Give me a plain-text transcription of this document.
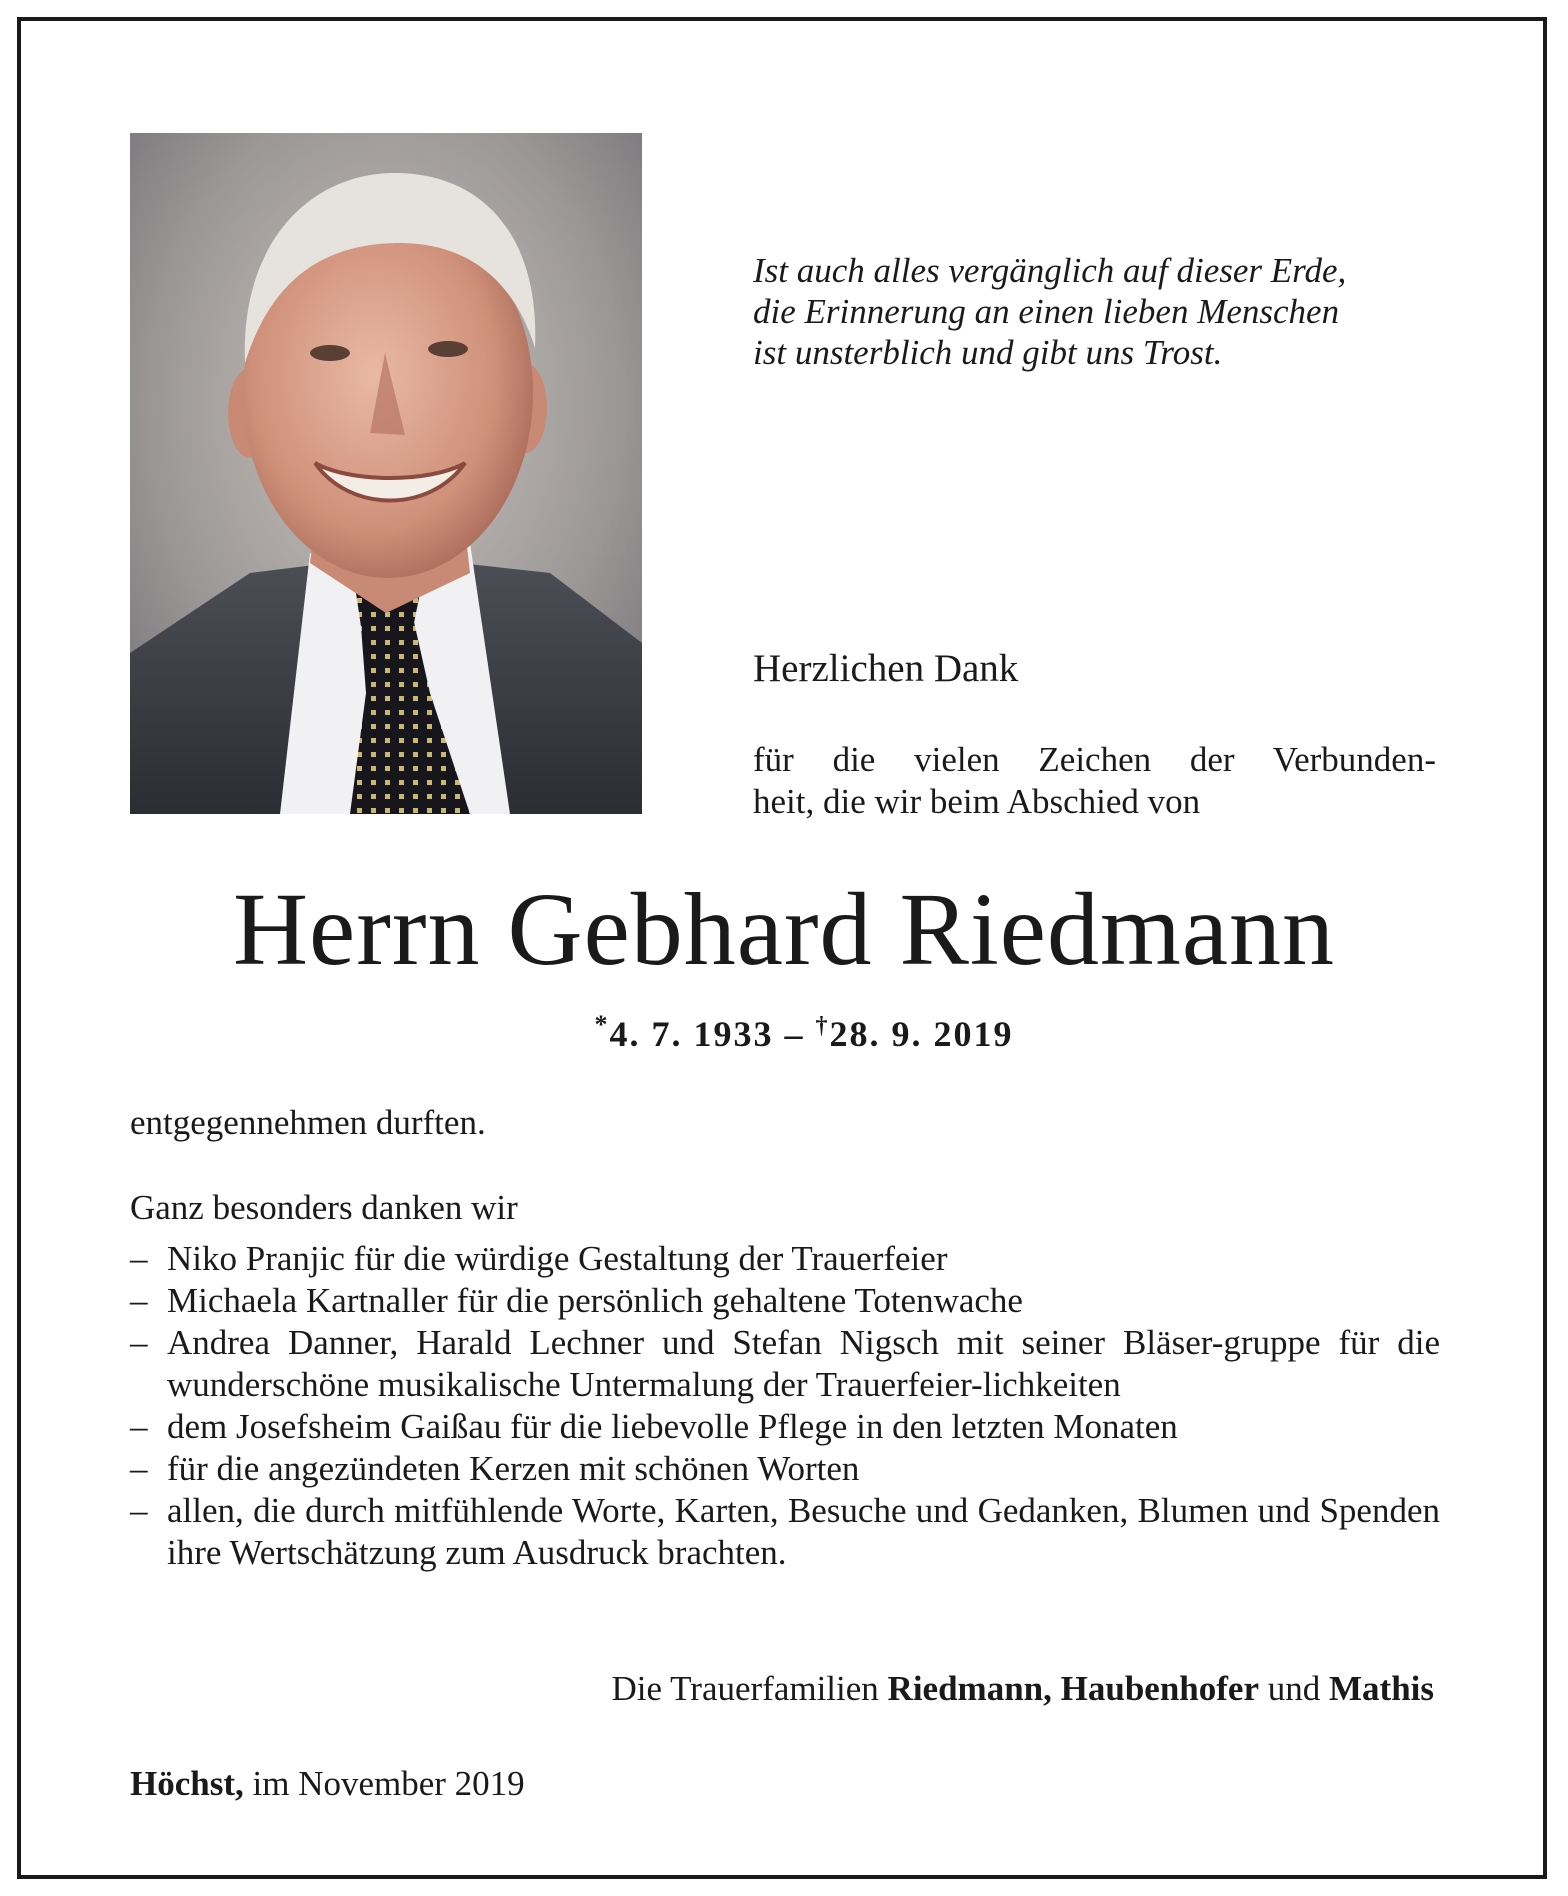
Ist auch alles vergänglich auf dieser Erde,
die Erinnerung an einen lieben Menschen
ist unsterblich und gibt uns Trost.
Herzlichen Dank
für die vielen Zeichen der Verbunden-
heit, die wir beim Abschied von
Herrn Gebhard Riedmann
*4. 7. 1933 – †28. 9. 2019
entgegennehmen durften.
Ganz besonders danken wir
– Niko Pranjic für die würdige Gestaltung der Trauerfeier
– Michaela Kartnaller für die persönlich gehaltene Totenwache
– Andrea Danner, Harald Lechner und Stefan Nigsch mit seiner Bläser-gruppe für die wunderschöne musikalische Untermalung der Trauerfeier-lichkeiten
– dem Josefsheim Gaißau für die liebevolle Pflege in den letzten Monaten
– für die angezündeten Kerzen mit schönen Worten
– allen, die durch mitfühlende Worte, Karten, Besuche und Gedanken, Blumen und Spenden ihre Wertschätzung zum Ausdruck brachten.
Die Trauerfamilien Riedmann, Haubenhofer und Mathis
Höchst, im November 2019
